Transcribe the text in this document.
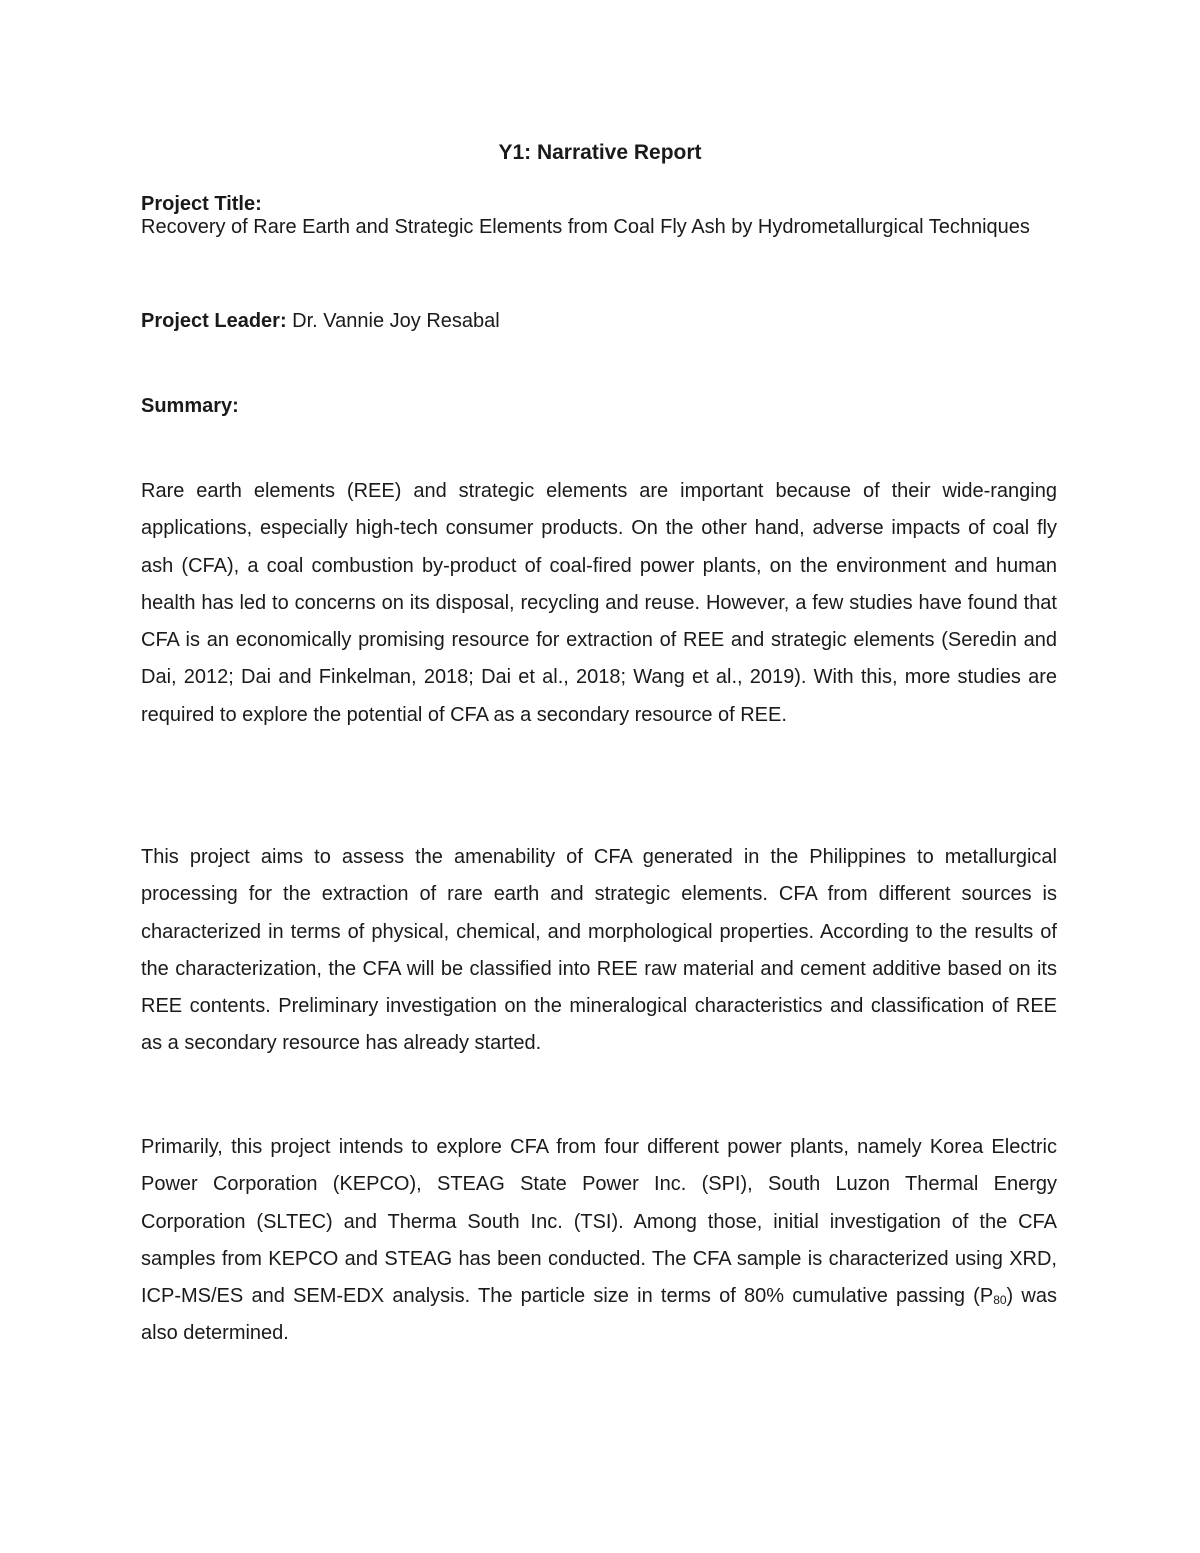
Y1: Narrative Report

Project Title:

Recovery of Rare Earth and Strategic Elements from Coal Fly Ash by Hydrometallurgical Techniques

Project Leader: Dr. Vannie Joy Resabal

Summary:

Rare earth elements (REE) and strategic elements are important because of their wide-ranging applications, especially high-tech consumer products. On the other hand, adverse impacts of coal fly ash (CFA), a coal combustion by-product of coal-fired power plants, on the environment and human health has led to concerns on its disposal, recycling and reuse. However, a few studies have found that CFA is an economically promising resource for extraction of REE and strategic elements (Seredin and Dai, 2012; Dai and Finkelman, 2018; Dai et al., 2018; Wang et al., 2019). With this, more studies are required to explore the potential of CFA as a secondary resource of REE.

This project aims to assess the amenability of CFA generated in the Philippines to metallurgical processing for the extraction of rare earth and strategic elements. CFA from different sources is characterized in terms of physical, chemical, and morphological properties. According to the results of the characterization, the CFA will be classified into REE raw material and cement additive based on its REE contents. Preliminary investigation on the mineralogical characteristics and classification of REE as a secondary resource has already started.

Primarily, this project intends to explore CFA from four different power plants, namely Korea Electric Power Corporation (KEPCO), STEAG State Power Inc. (SPI), South Luzon Thermal Energy Corporation (SLTEC) and Therma South Inc. (TSI). Among those, initial investigation of the CFA samples from KEPCO and STEAG has been conducted. The CFA sample is characterized using XRD, ICP-MS/ES and SEM-EDX analysis. The particle size in terms of 80% cumulative passing $(P_{80})$ was also determined.
